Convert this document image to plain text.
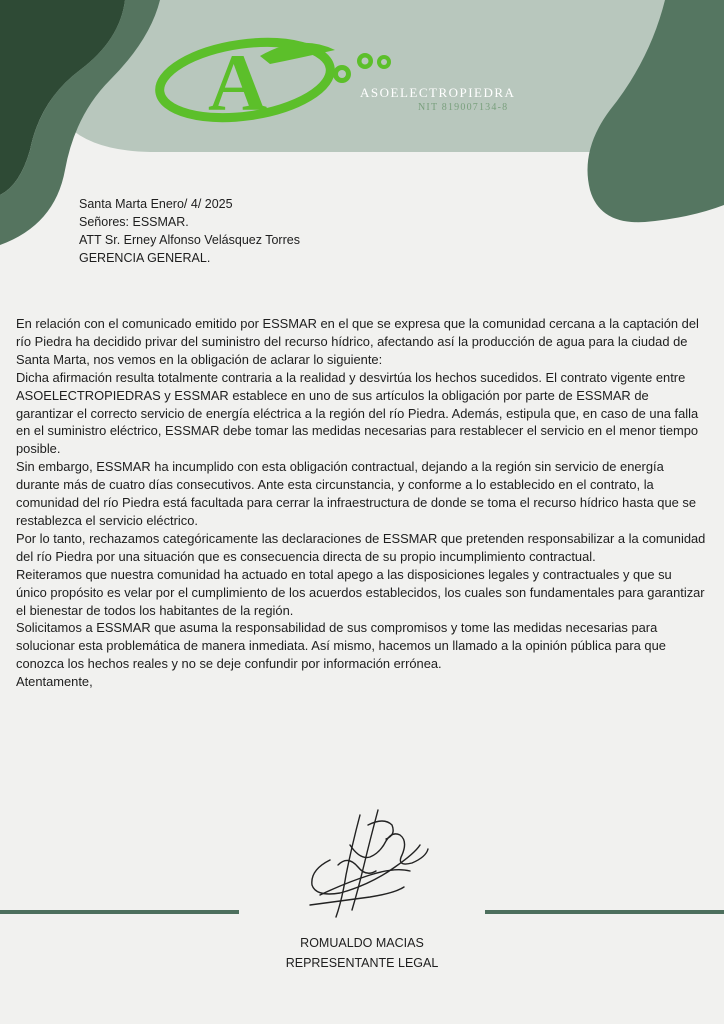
A	ASOELECTROPIEDRA
NIT 819007134-8
Santa Marta Enero/ 4/ 2025
Señores: ESSMAR.
ATT Sr. Erney Alfonso Velásquez Torres
GERENCIA GENERAL.

En relación con el comunicado emitido por ESSMAR en el que se expresa que la comunidad cercana a la captación del río Piedra ha decidido privar del suministro del recurso hídrico, afectando así la producción de agua para la ciudad de Santa Marta, nos vemos en la obligación de aclarar lo siguiente:

Dicha afirmación resulta totalmente contraria a la realidad y desvirtúa los hechos sucedidos. El contrato vigente entre ASOELECTROPIEDRAS y ESSMAR establece en uno de sus artículos la obligación por parte de ESSMAR de garantizar el correcto servicio de energía eléctrica a la región del río Piedra. Además, estipula que, en caso de una falla en el suministro eléctrico, ESSMAR debe tomar las medidas necesarias para restablecer el servicio en el menor tiempo posible.

Sin embargo, ESSMAR ha incumplido con esta obligación contractual, dejando a la región sin servicio de energía durante más de cuatro días consecutivos. Ante esta circunstancia, y conforme a lo establecido en el contrato, la comunidad del río Piedra está facultada para cerrar la infraestructura de donde se toma el recurso hídrico hasta que se restablezca el servicio eléctrico.

Por lo tanto, rechazamos categóricamente las declaraciones de ESSMAR que pretenden responsabilizar a la comunidad del río Piedra por una situación que es consecuencia directa de su propio incumplimiento contractual.

Reiteramos que nuestra comunidad ha actuado en total apego a las disposiciones legales y contractuales y que su único propósito es velar por el cumplimiento de los acuerdos establecidos, los cuales son fundamentales para garantizar el bienestar de todos los habitantes de la región.

Solicitamos a ESSMAR que asuma la responsabilidad de sus compromisos y tome las medidas necesarias para solucionar esta problemática de manera inmediata. Así mismo, hacemos un llamado a la opinión pública para que conozca los hechos reales y no se deje confundir por información errónea.

Atentamente,

ROMUALDO MACIAS
REPRESENTANTE LEGAL
